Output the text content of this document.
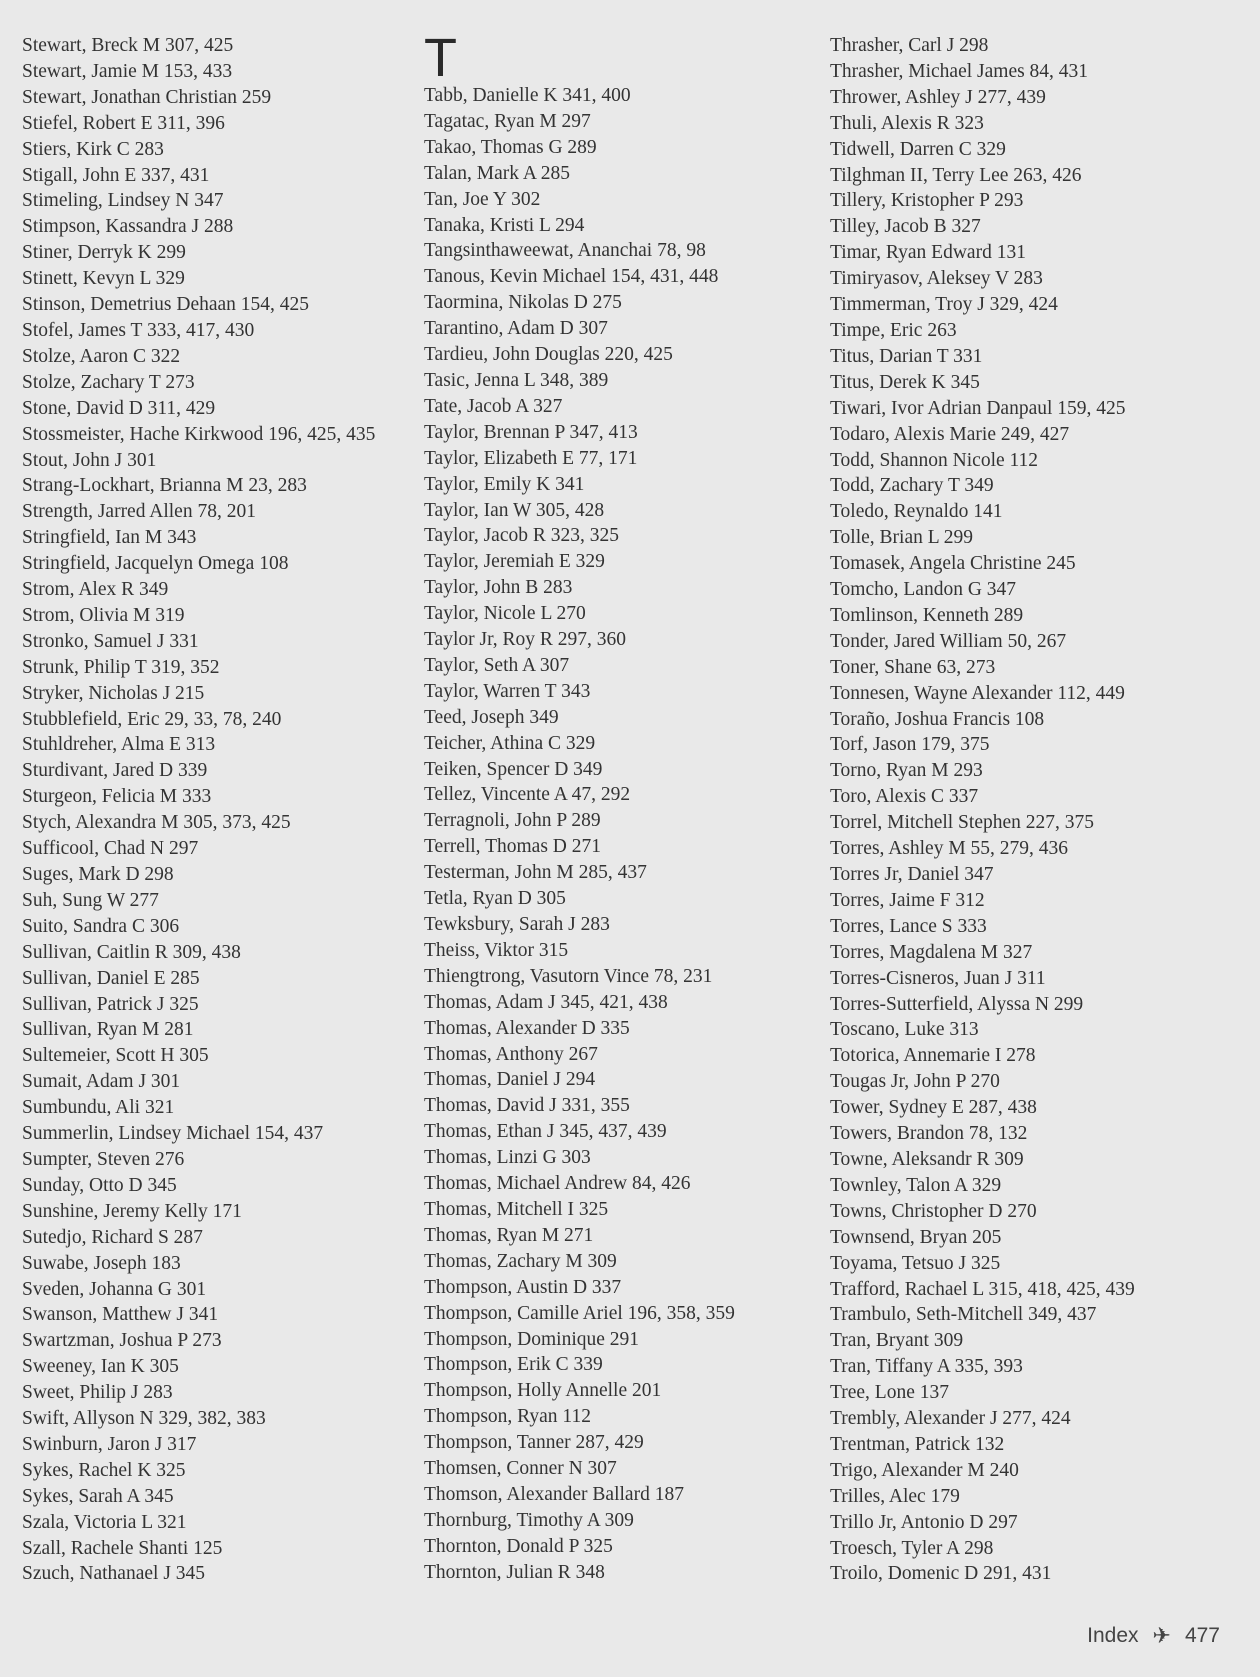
Stewart, Breck M 307, 425
Stewart, Jamie M 153, 433
Stewart, Jonathan Christian 259
Stiefel, Robert E 311, 396
Stiers, Kirk C 283
Stigall, John E 337, 431
Stimeling, Lindsey N 347
Stimpson, Kassandra J 288
Stiner, Derryk K 299
Stinett, Kevyn L 329
Stinson, Demetrius Dehaan 154, 425
Stofel, James T 333, 417, 430
Stolze, Aaron C 322
Stolze, Zachary T 273
Stone, David D 311, 429
Stossmeister, Hache Kirkwood 196, 425, 435
Stout, John J 301
Strang-Lockhart, Brianna M 23, 283
Strength, Jarred Allen 78, 201
Stringfield, Ian M 343
Stringfield, Jacquelyn Omega 108
Strom, Alex R 349
Strom, Olivia M 319
Stronko, Samuel J 331
Strunk, Philip T 319, 352
Stryker, Nicholas J 215
Stubblefield, Eric 29, 33, 78, 240
Stuhldreher, Alma E 313
Sturdivant, Jared D 339
Sturgeon, Felicia M 333
Stych, Alexandra M 305, 373, 425
Sufficool, Chad N 297
Suges, Mark D 298
Suh, Sung W 277
Suito, Sandra C 306
Sullivan, Caitlin R 309, 438
Sullivan, Daniel E 285
Sullivan, Patrick J 325
Sullivan, Ryan M 281
Sultemeier, Scott H 305
Sumait, Adam J 301
Sumbundu, Ali 321
Summerlin, Lindsey Michael 154, 437
Sumpter, Steven 276
Sunday, Otto D 345
Sunshine, Jeremy Kelly 171
Sutedjo, Richard S 287
Suwabe, Joseph 183
Sveden, Johanna G 301
Swanson, Matthew J 341
Swartzman, Joshua P 273
Sweeney, Ian K 305
Sweet, Philip J 283
Swift, Allyson N 329, 382, 383
Swinburn, Jaron J 317
Sykes, Rachel K 325
Sykes, Sarah A 345
Szala, Victoria L 321
Szall, Rachele Shanti 125
Szuch, Nathanael J 345
T
Tabb, Danielle K 341, 400
Tagatac, Ryan M 297
Takao, Thomas G 289
Talan, Mark A 285
Tan, Joe Y 302
Tanaka, Kristi L 294
Tangsinthaweewat, Ananchai 78, 98
Tanous, Kevin Michael 154, 431, 448
Taormina, Nikolas D 275
Tarantino, Adam D 307
Tardieu, John Douglas 220, 425
Tasic, Jenna L 348, 389
Tate, Jacob A 327
Taylor, Brennan P 347, 413
Taylor, Elizabeth E 77, 171
Taylor, Emily K 341
Taylor, Ian W 305, 428
Taylor, Jacob R 323, 325
Taylor, Jeremiah E 329
Taylor, John B 283
Taylor, Nicole L 270
Taylor Jr, Roy R 297, 360
Taylor, Seth A 307
Taylor, Warren T 343
Teed, Joseph 349
Teicher, Athina C 329
Teiken, Spencer D 349
Tellez, Vincente A 47, 292
Terragnoli, John P 289
Terrell, Thomas D 271
Testerman, John M 285, 437
Tetla, Ryan D 305
Tewksbury, Sarah J 283
Theiss, Viktor 315
Thiengtrong, Vasutorn Vince 78, 231
Thomas, Adam J 345, 421, 438
Thomas, Alexander D 335
Thomas, Anthony 267
Thomas, Daniel J 294
Thomas, David J 331, 355
Thomas, Ethan J 345, 437, 439
Thomas, Linzi G 303
Thomas, Michael Andrew 84, 426
Thomas, Mitchell I 325
Thomas, Ryan M 271
Thomas, Zachary M 309
Thompson, Austin D 337
Thompson, Camille Ariel 196, 358, 359
Thompson, Dominique 291
Thompson, Erik C 339
Thompson, Holly Annelle 201
Thompson, Ryan 112
Thompson, Tanner 287, 429
Thomsen, Conner N 307
Thomson, Alexander Ballard 187
Thornburg, Timothy A 309
Thornton, Donald P 325
Thornton, Julian R 348
Thrasher, Carl J 298
Thrasher, Michael James 84, 431
Thrower, Ashley J 277, 439
Thuli, Alexis R 323
Tidwell, Darren C 329
Tilghman II, Terry Lee 263, 426
Tillery, Kristopher P 293
Tilley, Jacob B 327
Timar, Ryan Edward 131
Timiryasov, Aleksey V 283
Timmerman, Troy J 329, 424
Timpe, Eric 263
Titus, Darian T 331
Titus, Derek K 345
Tiwari, Ivor Adrian Danpaul 159, 425
Todaro, Alexis Marie 249, 427
Todd, Shannon Nicole 112
Todd, Zachary T 349
Toledo, Reynaldo 141
Tolle, Brian L 299
Tomasek, Angela Christine 245
Tomcho, Landon G 347
Tomlinson, Kenneth 289
Tonder, Jared William 50, 267
Toner, Shane 63, 273
Tonnesen, Wayne Alexander 112, 449
Toraño, Joshua Francis 108
Torf, Jason 179, 375
Torno, Ryan M 293
Toro, Alexis C 337
Torrel, Mitchell Stephen 227, 375
Torres, Ashley M 55, 279, 436
Torres Jr, Daniel 347
Torres, Jaime F 312
Torres, Lance S 333
Torres, Magdalena M 327
Torres-Cisneros, Juan J 311
Torres-Sutterfield, Alyssa N 299
Toscano, Luke 313
Totorica, Annemarie I 278
Tougas Jr, John P 270
Tower, Sydney E 287, 438
Towers, Brandon 78, 132
Towne, Aleksandr R 309
Townley, Talon A 329
Towns, Christopher D 270
Townsend, Bryan 205
Toyama, Tetsuo J 325
Trafford, Rachael L 315, 418, 425, 439
Trambulo, Seth-Mitchell 349, 437
Tran, Bryant 309
Tran, Tiffany A 335, 393
Tree, Lone 137
Trembly, Alexander J 277, 424
Trentman, Patrick 132
Trigo, Alexander M 240
Trilles, Alec 179
Trillo Jr, Antonio D 297
Troesch, Tyler A 298
Troilo, Domenic D 291, 431
Index ✈ 477
